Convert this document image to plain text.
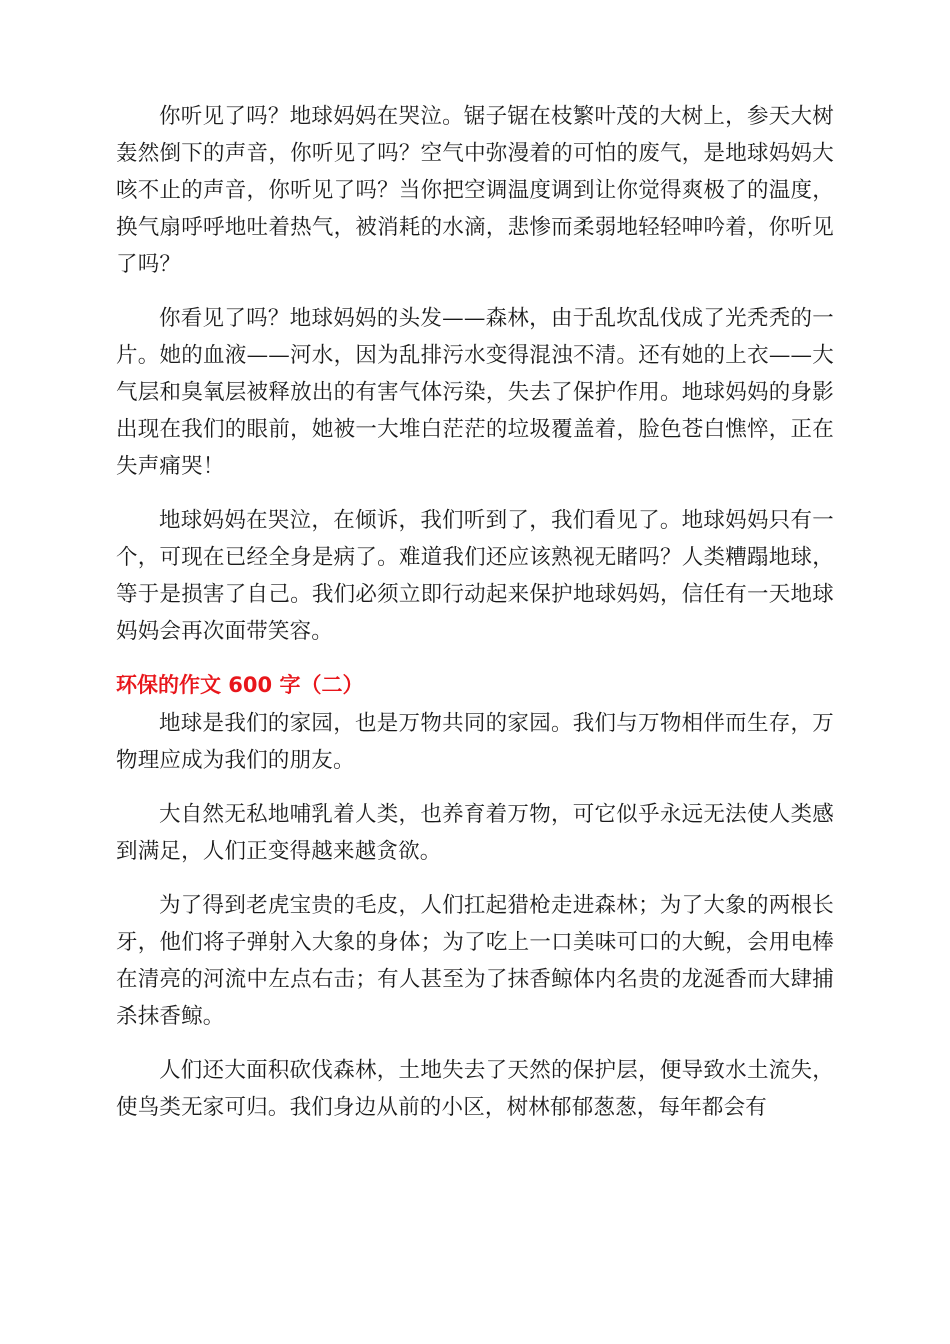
你听见了吗？地球妈妈在哭泣。锯子锯在枝繁叶茂的大树上，参天大树轰然倒下的声音，你听见了吗？空气中弥漫着的可怕的废气，是地球妈妈大咳不止的声音，你听见了吗？当你把空调温度调到让你觉得爽极了的温度，换气扇呼呼地吐着热气，被消耗的水滴，悲惨而柔弱地轻轻呻吟着，你听见了吗？

你看见了吗？地球妈妈的头发——森林，由于乱坎乱伐成了光秃秃的一片。她的血液——河水，因为乱排污水变得混浊不清。还有她的上衣——大气层和臭氧层被释放出的有害气体污染，失去了保护作用。地球妈妈的身影出现在我们的眼前，她被一大堆白茫茫的垃圾覆盖着，脸色苍白憔悴，正在失声痛哭！

地球妈妈在哭泣，在倾诉，我们听到了，我们看见了。地球妈妈只有一个，可现在已经全身是病了。难道我们还应该熟视无睹吗？人类糟蹋地球，等于是损害了自己。我们必须立即行动起来保护地球妈妈，信任有一天地球妈妈会再次面带笑容。

环保的作文 600 字（二）

地球是我们的家园，也是万物共同的家园。我们与万物相伴而生存，万物理应成为我们的朋友。

大自然无私地哺乳着人类，也养育着万物，可它似乎永远无法使人类感到满足，人们正变得越来越贪欲。

为了得到老虎宝贵的毛皮，人们扛起猎枪走进森林；为了大象的两根长牙，他们将子弹射入大象的身体；为了吃上一口美味可口的大鲵，会用电棒在清亮的河流中左点右击；有人甚至为了抹香鲸体内名贵的龙涎香而大肆捕杀抹香鲸。

人们还大面积砍伐森林，土地失去了天然的保护层，便导致水土流失，使鸟类无家可归。我们身边从前的小区，树林郁郁葱葱，每年都会有
